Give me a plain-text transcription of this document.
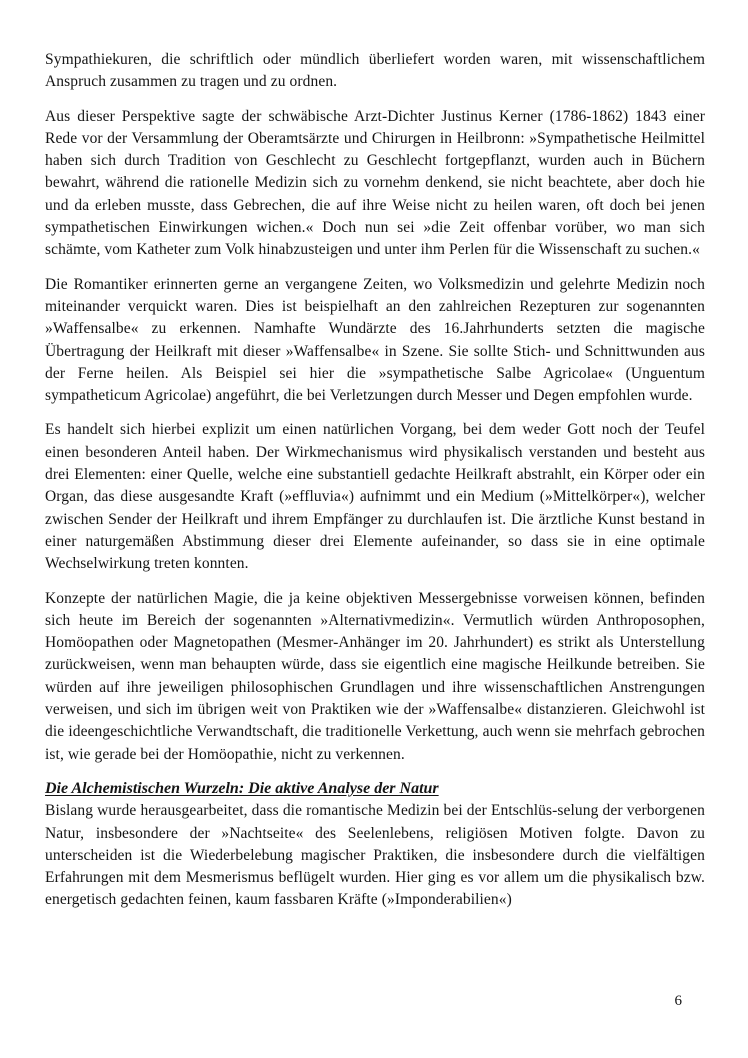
Sympathiekuren, die schriftlich oder mündlich überliefert worden waren, mit wissenschaftlichem Anspruch zusammen zu tragen und zu ordnen.

Aus dieser Perspektive sagte der schwäbische Arzt-Dichter Justinus Kerner (1786-1862) 1843 einer Rede vor der Versammlung der Oberamtsärzte und Chirurgen in Heilbronn: »Sympathetische Heilmittel haben sich durch Tradition von Geschlecht zu Geschlecht fortgepflanzt, wurden auch in Büchern bewahrt, während die rationelle Medizin sich zu vornehm denkend, sie nicht beachtete, aber doch hie und da erleben musste, dass Gebrechen, die auf ihre Weise nicht zu heilen waren, oft doch bei jenen sympathetischen Einwirkungen wichen.« Doch nun sei »die Zeit offenbar vorüber, wo man sich schämte, vom Katheter zum Volk hinabzusteigen und unter ihm Perlen für die Wissenschaft zu suchen.«

Die Romantiker erinnerten gerne an vergangene Zeiten, wo Volksmedizin und gelehrte Medizin noch miteinander verquickt waren. Dies ist beispielhaft an den zahlreichen Rezepturen zur sogenannten »Waffensalbe« zu erkennen. Namhafte Wundärzte des 16.Jahrhunderts setzten die magische Übertragung der Heilkraft mit dieser »Waffensalbe« in Szene. Sie sollte Stich- und Schnittwunden aus der Ferne heilen. Als Beispiel sei hier die »sympathetische Salbe Agricolae« (Unguentum sympatheticum Agricolae) angeführt, die bei Verletzungen durch Messer und Degen empfohlen wurde.

Es handelt sich hierbei explizit um einen natürlichen Vorgang, bei dem weder Gott noch der Teufel einen besonderen Anteil haben. Der Wirkmechanismus wird physikalisch verstanden und besteht aus drei Elementen: einer Quelle, welche eine substantiell gedachte Heilkraft abstrahlt, ein Körper oder ein Organ, das diese ausgesandte Kraft (»effluvia«) aufnimmt und ein Medium (»Mittelkörper«), welcher zwischen Sender der Heilkraft und ihrem Empfänger zu durchlaufen ist. Die ärztliche Kunst bestand in einer naturgemäßen Abstimmung dieser drei Elemente aufeinander, so dass sie in eine optimale Wechselwirkung treten konnten.

Konzepte der natürlichen Magie, die ja keine objektiven Messergebnisse vorweisen können, befinden sich heute im Bereich der sogenannten »Alternativmedizin«. Vermutlich würden Anthroposophen, Homöopathen oder Magnetopathen (Mesmer-Anhänger im 20. Jahrhundert) es strikt als Unterstellung zurückweisen, wenn man behaupten würde, dass sie eigentlich eine magische Heilkunde betreiben. Sie würden auf ihre jeweiligen philosophischen Grundlagen und ihre wissenschaftlichen Anstrengungen verweisen, und sich im übrigen weit von Praktiken wie der »Waffensalbe« distanzieren. Gleichwohl ist die ideengeschichtliche Verwandtschaft, die traditionelle Verkettung, auch wenn sie mehrfach gebrochen ist, wie gerade bei der Homöopathie, nicht zu verkennen.

Die Alchemistischen Wurzeln: Die aktive Analyse der Natur

Bislang wurde herausgearbeitet, dass die romantische Medizin bei der Entschlüs-selung der verborgenen Natur, insbesondere der »Nachtseite« des Seelenlebens, religiösen Motiven folgte. Davon zu unterscheiden ist die Wiederbelebung magischer Praktiken, die insbesondere durch die vielfältigen Erfahrungen mit dem Mesmerismus beflügelt wurden. Hier ging es vor allem um die physikalisch bzw. energetisch gedachten feinen, kaum fassbaren Kräfte (»Imponderabilien«)

6
